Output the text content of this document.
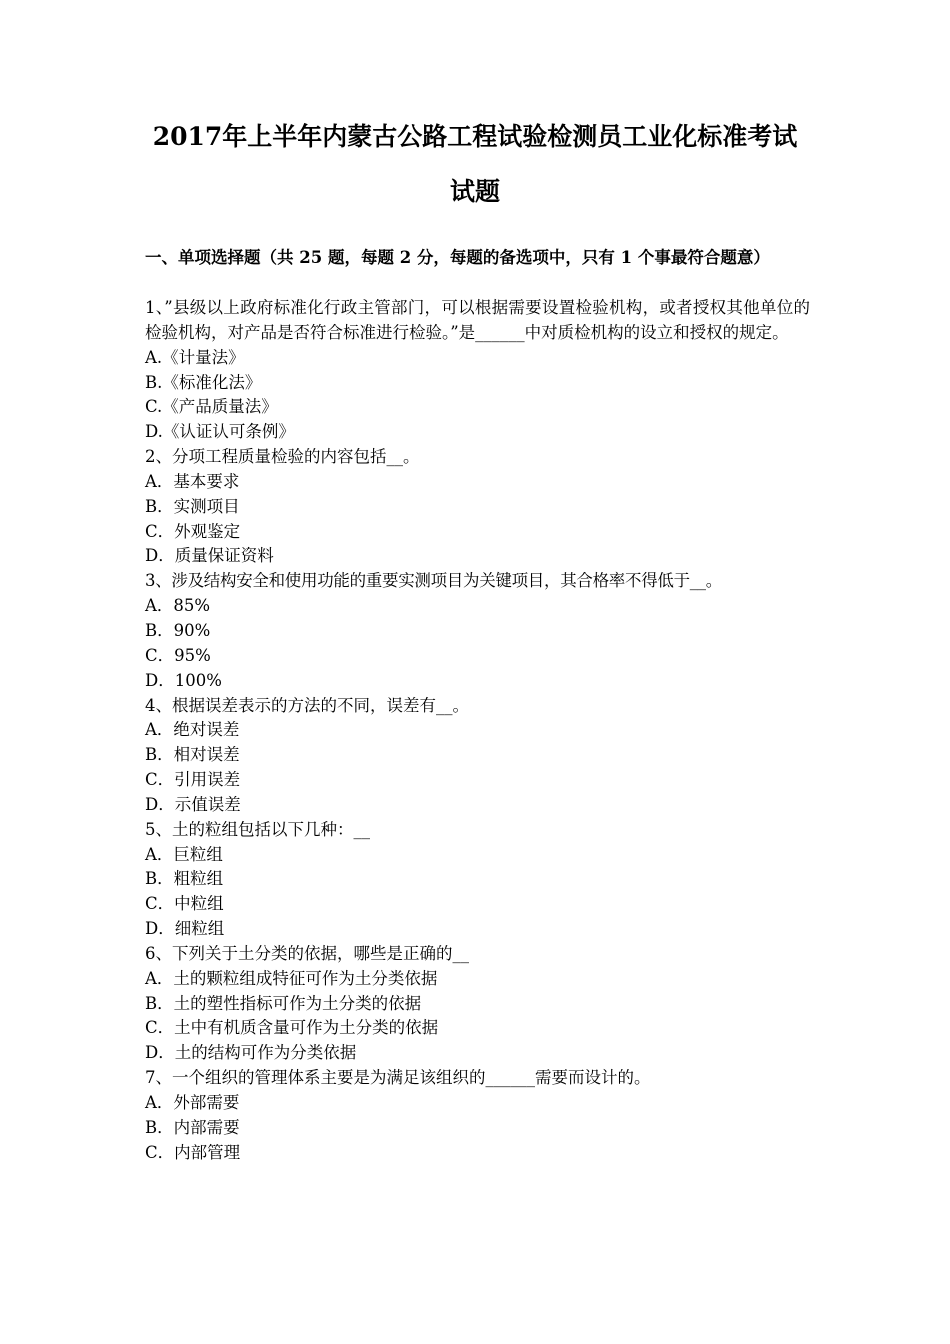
2017年上半年内蒙古公路工程试验检测员工业化标准考试
试题
一、单项选择题（共 25 题，每题 2 分，每题的备选项中，只有 1 个事最符合题意）
1、”县级以上政府标准化行政主管部门，可以根据需要设置检验机构，或者授权其他单位的检验机构，对产品是否符合标准进行检验。”是______中对质检机构的设立和授权的规定。
A.《计量法》
B.《标准化法》
C.《产品质量法》
D.《认证认可条例》
2、分项工程质量检验的内容包括__。
A．基本要求
B．实测项目
C．外观鉴定
D．质量保证资料
3、涉及结构安全和使用功能的重要实测项目为关键项目，其合格率不得低于__。
A．85%
B．90%
C．95%
D．100%
4、根据误差表示的方法的不同，误差有__。
A．绝对误差
B．相对误差
C．引用误差
D．示值误差
5、土的粒组包括以下几种：__
A．巨粒组
B．粗粒组
C．中粒组
D．细粒组
6、下列关于土分类的依据，哪些是正确的__
A．土的颗粒组成特征可作为土分类依据
B．土的塑性指标可作为土分类的依据
C．土中有机质含量可作为土分类的依据
D．土的结构可作为分类依据
7、一个组织的管理体系主要是为满足该组织的______需要而设计的。
A．外部需要
B．内部需要
C．内部管理
